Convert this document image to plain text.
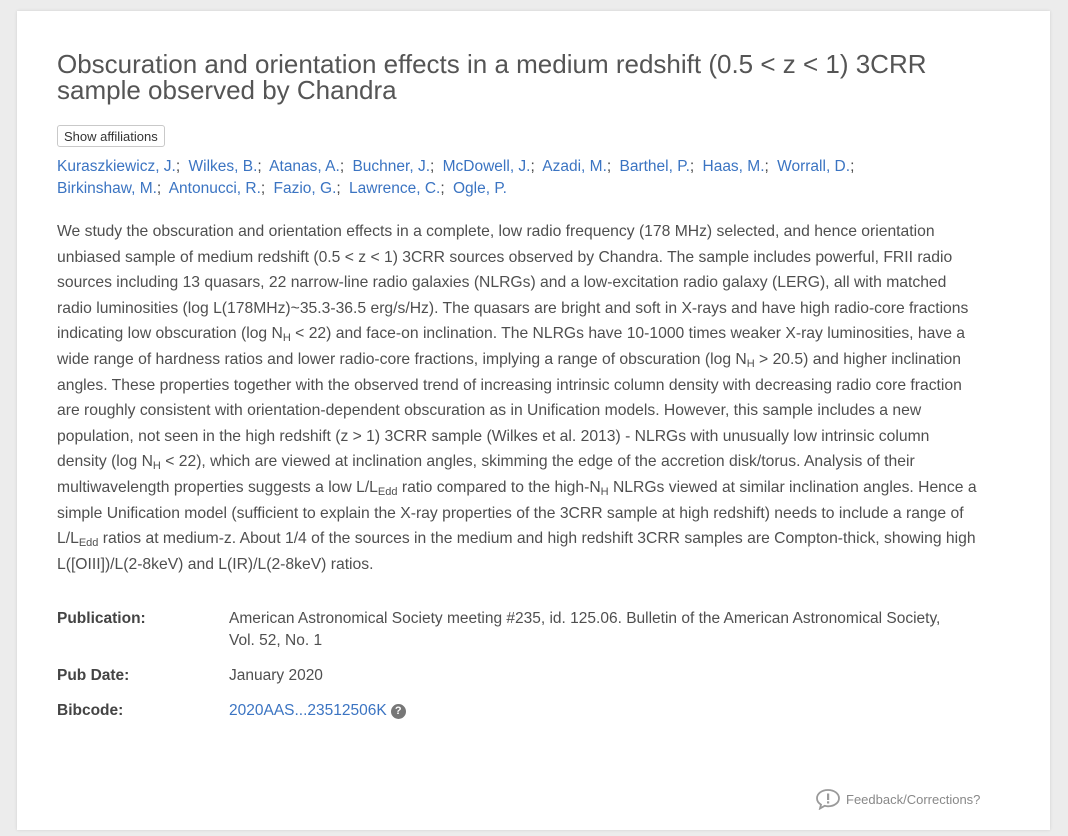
Obscuration and orientation effects in a medium redshift (0.5 < z < 1) 3CRR sample observed by Chandra
Show affiliations
Kuraszkiewicz, J.; Wilkes, B.; Atanas, A.; Buchner, J.; McDowell, J.; Azadi, M.; Barthel, P.; Haas, M.; Worrall, D.;
Birkinshaw, M.; Antonucci, R.; Fazio, G.; Lawrence, C.; Ogle, P.
We study the obscuration and orientation effects in a complete, low radio frequency (178 MHz) selected, and hence orientation unbiased sample of medium redshift (0.5 < z < 1) 3CRR sources observed by Chandra. The sample includes powerful, FRII radio sources including 13 quasars, 22 narrow-line radio galaxies (NLRGs) and a low-excitation radio galaxy (LERG), all with matched radio luminosities (log L(178MHz)~35.3-36.5 erg/s/Hz). The quasars are bright and soft in X-rays and have high radio-core fractions indicating low obscuration (log $N_H < 22$) and face-on inclination. The NLRGs have 10-1000 times weaker X-ray luminosities, have a wide range of hardness ratios and lower radio-core fractions, implying a range of obscuration (log $N_H > 20.5$) and higher inclination angles. These properties together with the observed trend of increasing intrinsic column density with decreasing radio core fraction are roughly consistent with orientation-dependent obscuration as in Unification models. However, this sample includes a new population, not seen in the high redshift (z > 1) 3CRR sample (Wilkes et al. 2013) - NLRGs with unusually low intrinsic column density (log $N_H < 22$), which are viewed at inclination angles, skimming the edge of the accretion disk/torus. Analysis of their multiwavelength properties suggests a low $L/L_{Edd}$ ratio compared to the high-$N_H$ NLRGs viewed at similar inclination angles. Hence a simple Unification model (sufficient to explain the X-ray properties of the 3CRR sample at high redshift) needs to include a range of $L/L_{Edd}$ ratios at medium-z. About 1/4 of the sources in the medium and high redshift 3CRR samples are Compton-thick, showing high L([OIII])/L(2-8keV) and L(IR)/L(2-8keV) ratios.
Publication:	American Astronomical Society meeting #235, id. 125.06. Bulletin of the American Astronomical Society, Vol. 52, No. 1
Pub Date:	January 2020
Bibcode:	2020AAS...23512506K ?
Feedback/Corrections?
